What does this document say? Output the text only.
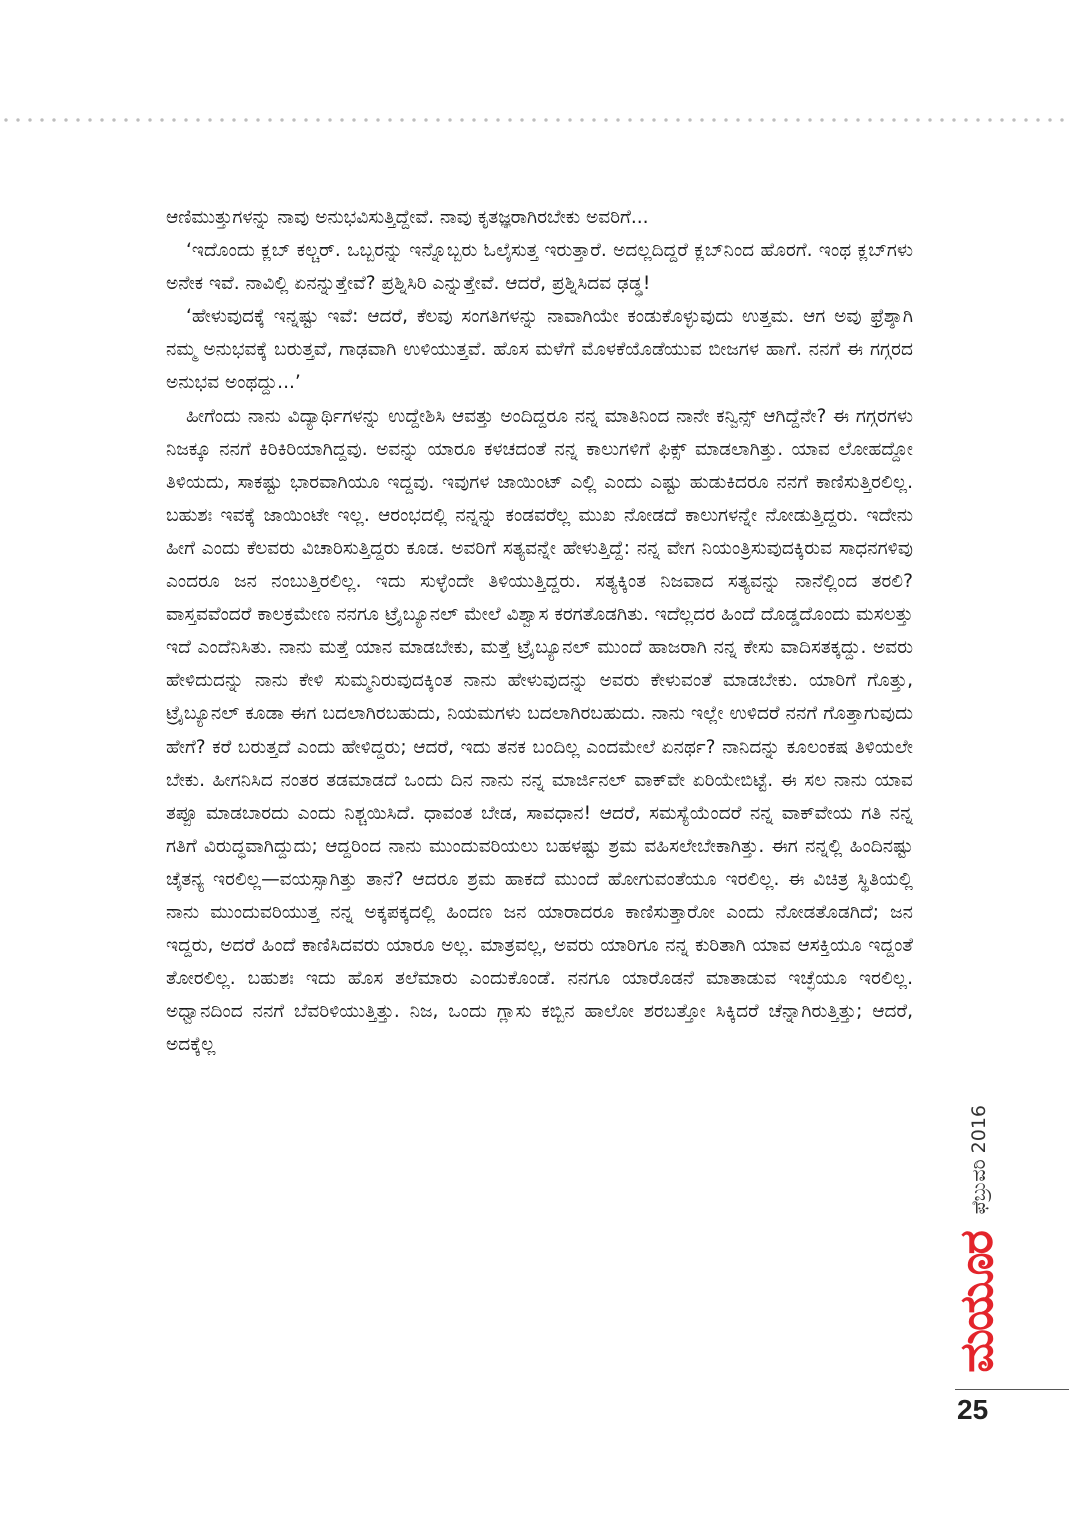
ಆಣಿಮುತ್ತುಗಳನ್ನು ನಾವು ಅನುಭವಿಸುತ್ತಿದ್ದೇವೆ. ನಾವು ಕೃತಜ್ಞರಾಗಿರಬೇಕು ಅವರಿಗೆ...

‘ಇದೊಂದು ಕ್ಲಬ್ ಕಲ್ಚರ್. ಒಬ್ಬರನ್ನು ಇನ್ನೊಬ್ಬರು ಓಲೈಸುತ್ತ ಇರುತ್ತಾರೆ. ಅದಲ್ಲದಿದ್ದರೆ ಕ್ಲಬ್‌ನಿಂದ ಹೊರಗೆ. ಇಂಥ ಕ್ಲಬ್‌ಗಳು ಅನೇಕ ಇವೆ. ನಾವಿಲ್ಲಿ ಏನನ್ನುತ್ತೇವೆ? ಪ್ರಶ್ನಿಸಿರಿ ಎನ್ನುತ್ತೇವೆ. ಆದರೆ, ಪ್ರಶ್ನಿಸಿದವ ಢಡ್ಢ!

‘ಹೇಳುವುದಕ್ಕೆ ಇನ್ನಷ್ಟು ಇವೆ: ಆದರೆ, ಕೆಲವು ಸಂಗತಿಗಳನ್ನು ನಾವಾಗಿಯೇ ಕಂಡುಕೊಳ್ಳುವುದು ಉತ್ತಮ. ಆಗ ಅವು ಫ್ರೆಶ್ಶಾಗಿ ನಮ್ಮ ಅನುಭವಕ್ಕೆ ಬರುತ್ತವೆ, ಗಾಢವಾಗಿ ಉಳಿಯುತ್ತವೆ. ಹೊಸ ಮಳೆಗೆ ಮೊಳಕೆಯೊಡೆಯುವ ಬೀಜಗಳ ಹಾಗೆ. ನನಗೆ ಈ ಗಗ್ಗರದ ಅನುಭವ ಅಂಥದ್ದು...’

ಹೀಗೆಂದು ನಾನು ವಿದ್ಯಾರ್ಥಿಗಳನ್ನು ಉದ್ದೇಶಿಸಿ ಆವತ್ತು ಅಂದಿದ್ದರೂ ನನ್ನ ಮಾತಿನಿಂದ ನಾನೇ ಕನ್ವಿನ್ಸ್ ಆಗಿದ್ದೆನೇ? ಈ ಗಗ್ಗರಗಳು ನಿಜಕ್ಕೂ ನನಗೆ ಕಿರಿಕಿರಿಯಾಗಿದ್ದವು. ಅವನ್ನು ಯಾರೂ ಕಳಚದಂತೆ ನನ್ನ ಕಾಲುಗಳಿಗೆ ಫಿಕ್ಸ್ ಮಾಡಲಾಗಿತ್ತು. ಯಾವ ಲೋಹದ್ದೋ ತಿಳಿಯದು, ಸಾಕಷ್ಟು ಭಾರವಾಗಿಯೂ ಇದ್ದವು. ಇವುಗಳ ಜಾಯಿಂಟ್ ಎಲ್ಲಿ ಎಂದು ಎಷ್ಟು ಹುಡುಕಿದರೂ ನನಗೆ ಕಾಣಿಸುತ್ತಿರಲಿಲ್ಲ. ಬಹುಶಃ ಇವಕ್ಕೆ ಜಾಯಿಂಟೇ ಇಲ್ಲ. ಆರಂಭದಲ್ಲಿ ನನ್ನನ್ನು ಕಂಡವರೆಲ್ಲ ಮುಖ ನೋಡದೆ ಕಾಲುಗಳನ್ನೇ ನೋಡುತ್ತಿದ್ದರು. ಇದೇನು ಹೀಗೆ ಎಂದು ಕೆಲವರು ವಿಚಾರಿಸುತ್ತಿದ್ದರು ಕೂಡ. ಅವರಿಗೆ ಸತ್ಯವನ್ನೇ ಹೇಳುತ್ತಿದ್ದೆ: ನನ್ನ ವೇಗ ನಿಯಂತ್ರಿಸುವುದಕ್ಕಿರುವ ಸಾಧನಗಳಿವು ಎಂದರೂ ಜನ ನಂಬುತ್ತಿರಲಿಲ್ಲ. ಇದು ಸುಳ್ಳೆಂದೇ ತಿಳಿಯುತ್ತಿದ್ದರು. ಸತ್ಯಕ್ಕಿಂತ ನಿಜವಾದ ಸತ್ಯವನ್ನು ನಾನೆಲ್ಲಿಂದ ತರಲಿ? ವಾಸ್ತವವೆಂದರೆ ಕಾಲಕ್ರಮೇಣ ನನಗೂ ಟ್ರೈಬ್ಯೂನಲ್ ಮೇಲೆ ವಿಶ್ವಾಸ ಕರಗತೊಡಗಿತು. ಇದೆಲ್ಲದರ ಹಿಂದೆ ದೊಡ್ಡದೊಂದು ಮಸಲತ್ತು ಇದೆ ಎಂದೆನಿಸಿತು. ನಾನು ಮತ್ತೆ ಯಾನ ಮಾಡಬೇಕು, ಮತ್ತೆ ಟ್ರೈಬ್ಯೂನಲ್ ಮುಂದೆ ಹಾಜರಾಗಿ ನನ್ನ ಕೇಸು ವಾದಿಸತಕ್ಕದ್ದು. ಅವರು ಹೇಳಿದುದನ್ನು ನಾನು ಕೇಳಿ ಸುಮ್ಮನಿರುವುದಕ್ಕಿಂತ ನಾನು ಹೇಳುವುದನ್ನು ಅವರು ಕೇಳುವಂತೆ ಮಾಡಬೇಕು. ಯಾರಿಗೆ ಗೊತ್ತು, ಟ್ರೈಬ್ಯೂನಲ್ ಕೂಡಾ ಈಗ ಬದಲಾಗಿರಬಹುದು, ನಿಯಮಗಳು ಬದಲಾಗಿರಬಹುದು. ನಾನು ಇಲ್ಲೇ ಉಳಿದರೆ ನನಗೆ ಗೊತ್ತಾಗುವುದು ಹೇಗೆ? ಕರೆ ಬರುತ್ತದೆ ಎಂದು ಹೇಳಿದ್ದರು; ಆದರೆ, ಇದು ತನಕ ಬಂದಿಲ್ಲ ಎಂದಮೇಲೆ ಏನರ್ಥ? ನಾನಿದನ್ನು ಕೂಲಂಕಷ ತಿಳಿಯಲೇ ಬೇಕು. ಹೀಗನಿಸಿದ ನಂತರ ತಡಮಾಡದೆ ಒಂದು ದಿನ ನಾನು ನನ್ನ ಮಾರ್ಜಿನಲ್ ವಾಕ್‌ವೇ ಏರಿಯೇಬಿಟ್ಟೆ. ಈ ಸಲ ನಾನು ಯಾವ ತಪ್ಪೂ ಮಾಡಬಾರದು ಎಂದು ನಿಶ್ಚಯಿಸಿದೆ. ಧಾವಂತ ಬೇಡ, ಸಾವಧಾನ! ಆದರೆ, ಸಮಸ್ಯೆಯೆಂದರೆ ನನ್ನ ವಾಕ್‌ವೇಯ ಗತಿ ನನ್ನ ಗತಿಗೆ ವಿರುದ್ಧವಾಗಿದ್ದುದು; ಆದ್ದರಿಂದ ನಾನು ಮುಂದುವರಿಯಲು ಬಹಳಷ್ಟು ಶ್ರಮ ವಹಿಸಲೇಬೇಕಾಗಿತ್ತು. ಈಗ ನನ್ನಲ್ಲಿ ಹಿಂದಿನಷ್ಟು ಚೈತನ್ಯ ಇರಲಿಲ್ಲ—ವಯಸ್ಸಾಗಿತ್ತು ತಾನೆ? ಆದರೂ ಶ್ರಮ ಹಾಕದೆ ಮುಂದೆ ಹೋಗುವಂತೆಯೂ ಇರಲಿಲ್ಲ. ಈ ವಿಚಿತ್ರ ಸ್ಥಿತಿಯಲ್ಲಿ ನಾನು ಮುಂದುವರಿಯುತ್ತ ನನ್ನ ಅಕ್ಕಪಕ್ಕದಲ್ಲಿ ಹಿಂದಣ ಜನ ಯಾರಾದರೂ ಕಾಣಿಸುತ್ತಾರೋ ಎಂದು ನೋಡತೊಡಗಿದೆ; ಜನ ಇದ್ದರು, ಅದರೆ ಹಿಂದೆ ಕಾಣಿಸಿದವರು ಯಾರೂ ಅಲ್ಲ. ಮಾತ್ರವಲ್ಲ, ಅವರು ಯಾರಿಗೂ ನನ್ನ ಕುರಿತಾಗಿ ಯಾವ ಆಸಕ್ತಿಯೂ ಇದ್ದಂತೆ ತೋರಲಿಲ್ಲ. ಬಹುಶಃ ಇದು ಹೊಸ ತಲೆಮಾರು ಎಂದುಕೊಂಡೆ. ನನಗೂ ಯಾರೊಡನೆ ಮಾತಾಡುವ ಇಚ್ಛೆಯೂ ಇರಲಿಲ್ಲ. ಅಧ್ವಾನದಿಂದ ನನಗೆ ಬೆವರಿಳಿಯುತ್ತಿತ್ತು. ನಿಜ, ಒಂದು ಗ್ಲಾಸು ಕಬ್ಬಿನ ಹಾಲೋ ಶರಬತ್ತೋ ಸಿಕ್ಕಿದರೆ ಚೆನ್ನಾಗಿರುತ್ತಿತ್ತು; ಆದರೆ, ಅದಕ್ಕೆಲ್ಲ

ಫೆಬ್ರುವರಿ 2016
ಮಯೂರ
25
